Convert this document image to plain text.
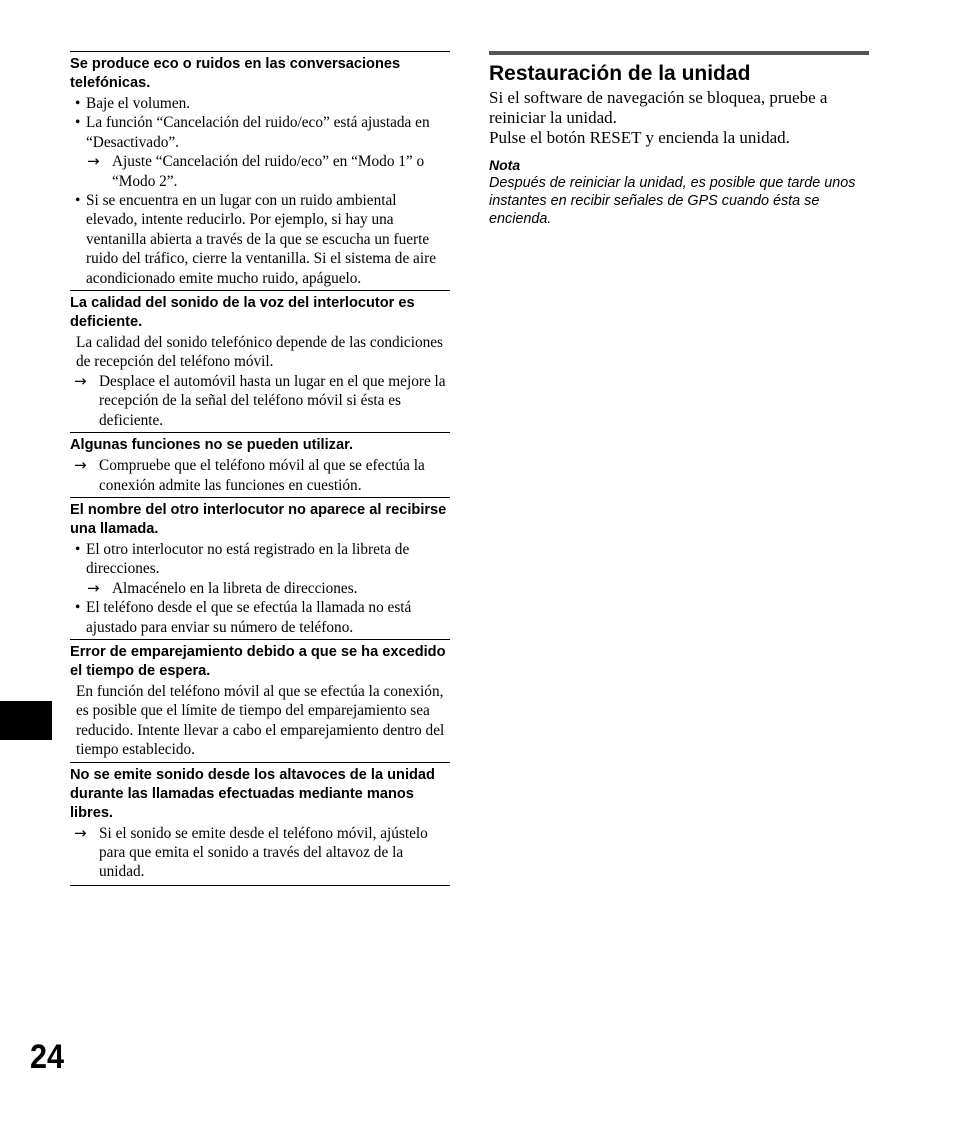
Se produce eco o ruidos en las conversaciones telefónicas.
• Baje el volumen.
• La función “Cancelación del ruido/eco” está ajustada en “Desactivado”.
→ Ajuste “Cancelación del ruido/eco” en “Modo 1” o “Modo 2”.
• Si se encuentra en un lugar con un ruido ambiental elevado, intente reducirlo. Por ejemplo, si hay una ventanilla abierta a través de la que se escucha un fuerte ruido del tráfico, cierre la ventanilla. Si el sistema de aire acondicionado emite mucho ruido, apáguelo.
La calidad del sonido de la voz del interlocutor es deficiente.
La calidad del sonido telefónico depende de las condiciones de recepción del teléfono móvil.
→ Desplace el automóvil hasta un lugar en el que mejore la recepción de la señal del teléfono móvil si ésta es deficiente.
Algunas funciones no se pueden utilizar.
→ Compruebe que el teléfono móvil al que se efectúa la conexión admite las funciones en cuestión.
El nombre del otro interlocutor no aparece al recibirse una llamada.
• El otro interlocutor no está registrado en la libreta de direcciones.
→ Almacénelo en la libreta de direcciones.
• El teléfono desde el que se efectúa la llamada no está ajustado para enviar su número de teléfono.
Error de emparejamiento debido a que se ha excedido el tiempo de espera.
En función del teléfono móvil al que se efectúa la conexión, es posible que el límite de tiempo del emparejamiento sea reducido. Intente llevar a cabo el emparejamiento dentro del tiempo establecido.
No se emite sonido desde los altavoces de la unidad durante las llamadas efectuadas mediante manos libres.
→ Si el sonido se emite desde el teléfono móvil, ajústelo para que emita el sonido a través del altavoz de la unidad.
Restauración de la unidad
Si el software de navegación se bloquea, pruebe a reiniciar la unidad.
Pulse el botón RESET y encienda la unidad.
Nota
Después de reiniciar la unidad, es posible que tarde unos instantes en recibir señales de GPS cuando ésta se encienda.
24
